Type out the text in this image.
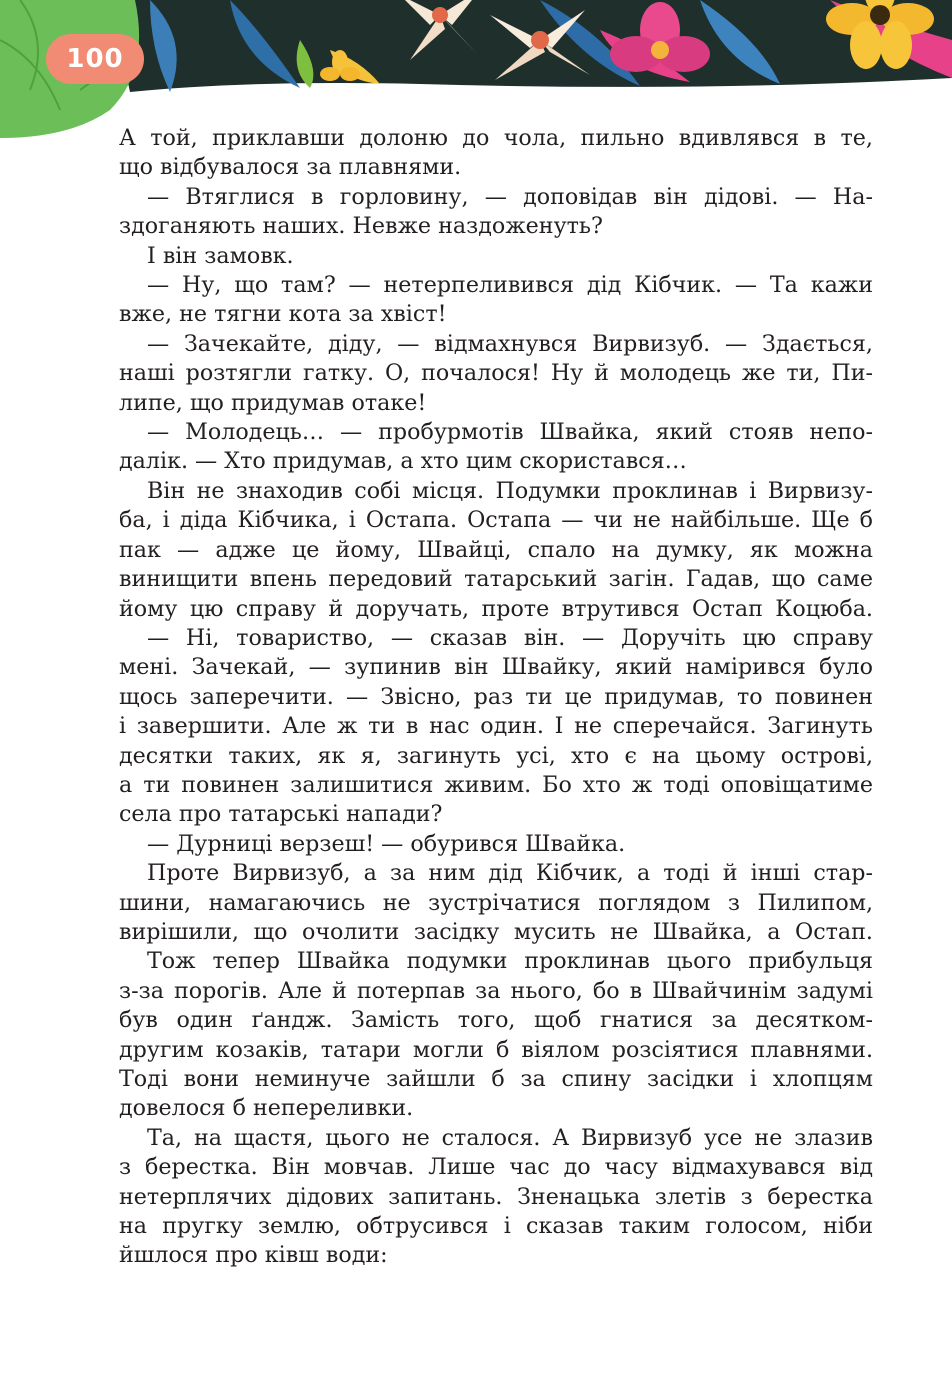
100
А той, приклавши долоню до чола, пильно вдивлявся в те,
що відбувалося за плавнями.
— Втяглися в горловину, — доповідав він дідові. — На-
здоганяють наших. Невже наздоженуть?
І він замовк.
— Ну, що там? — нетерпеливився дід Кібчик. — Та кажи
вже, не тягни кота за хвіст!
— Зачекайте, діду, — відмахнувся Вирвизуб. — Здається,
наші розтягли гатку. О, почалося! Ну й молодець же ти, Пи-
липе, що придумав отаке!
— Молодець… — пробурмотів Швайка, який стояв непо-
далік. — Хто придумав, а хто цим скористався…
Він не знаходив собі місця. Подумки проклинав і Вирвизу-
ба, і діда Кібчика, і Остапа. Остапа — чи не найбільше. Ще б
пак — адже це йому, Швайці, спало на думку, як можна
винищити впень передовий татарський загін. Гадав, що саме
йому цю справу й доручать, проте втрутився Остап Коцюба.
— Ні, товариство, — сказав він. — Доручіть цю справу
мені. Зачекай, — зупинив він Швайку, який намірився було
щось заперечити. — Звісно, раз ти це придумав, то повинен
і завершити. Але ж ти в нас один. І не сперечайся. Загинуть
десятки таких, як я, загинуть усі, хто є на цьому острові,
а ти повинен залишитися живим. Бо хто ж тоді оповіщатиме
села про татарські напади?
— Дурниці верзеш! — обурився Швайка.
Проте Вирвизуб, а за ним дід Кібчик, а тоді й інші стар-
шини, намагаючись не зустрічатися поглядом з Пилипом,
вирішили, що очолити засідку мусить не Швайка, а Остап.
Тож тепер Швайка подумки проклинав цього прибульця
з-за порогів. Але й потерпав за нього, бо в Швайчинім задумі
був один ґандж. Замість того, щоб гнатися за десятком-
другим козаків, татари могли б віялом розсіятися плавнями.
Тоді вони неминуче зайшли б за спину засідки і хлопцям
довелося б непереливки.
Та, на щастя, цього не сталося. А Вирвизуб усе не злазив
з берестка. Він мовчав. Лише час до часу відмахувався від
нетерплячих дідових запитань. Зненацька злетів з берестка
на пругку землю, обтрусився і сказав таким голосом, ніби
йшлося про ківш води:
